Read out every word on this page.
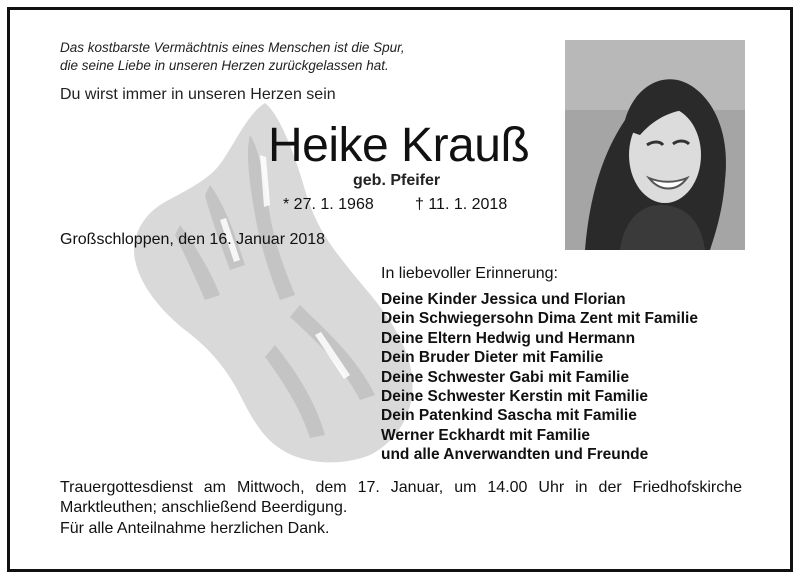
Das kostbarste Vermächtnis eines Menschen ist die Spur,
die seine Liebe in unseren Herzen zurückgelassen hat.
Du wirst immer in unseren Herzen sein
Heike Krauß
geb. Pfeifer
* 27. 1. 1968	† 11. 1. 2018
Großschloppen, den 16. Januar 2018
In liebevoller Erinnerung:
Deine Kinder Jessica und Florian
Dein Schwiegersohn Dima Zent mit Familie
Deine Eltern Hedwig und Hermann
Dein Bruder Dieter mit Familie
Deine Schwester Gabi mit Familie
Deine Schwester Kerstin mit Familie
Dein Patenkind Sascha mit Familie
Werner Eckhardt mit Familie
und alle Anverwandten und Freunde
Trauergottesdienst am Mittwoch, dem 17. Januar, um 14.00 Uhr in der Friedhofskirche Marktleuthen; anschließend Beerdigung.
Für alle Anteilnahme herzlichen Dank.
